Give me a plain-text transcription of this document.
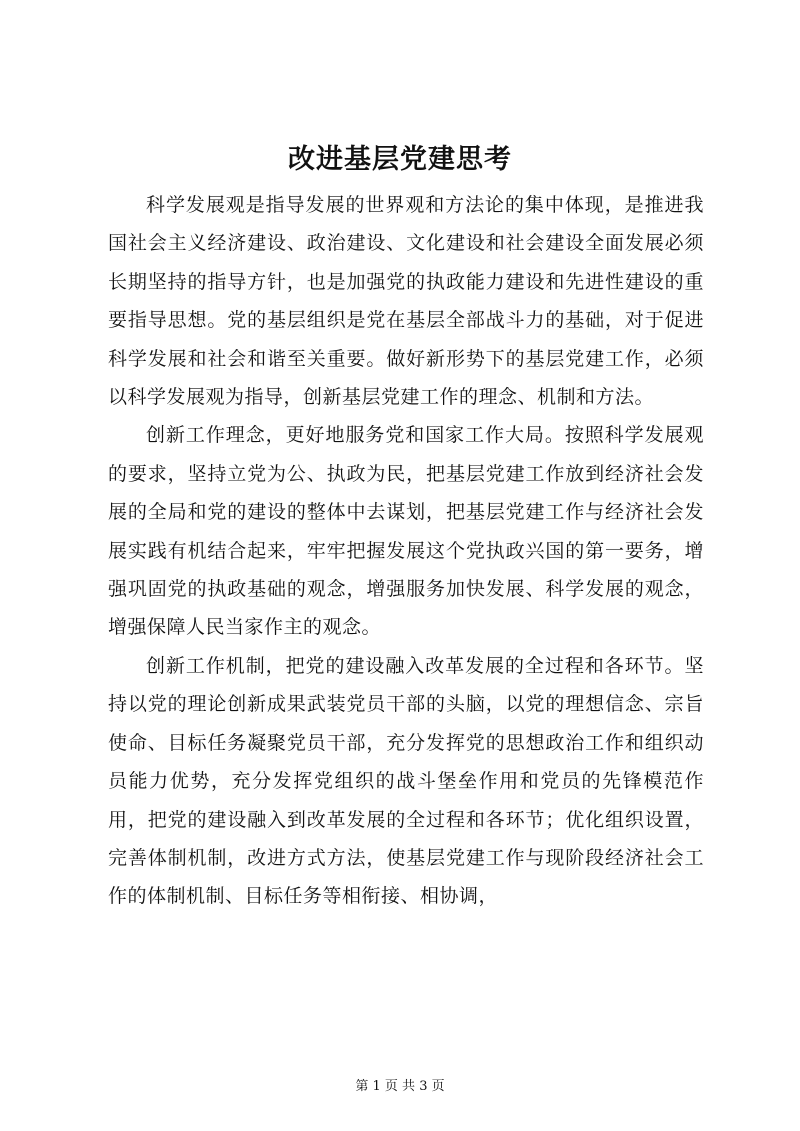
改进基层党建思考

科学发展观是指导发展的世界观和方法论的集中体现，是推进我国社会主义经济建设、政治建设、文化建设和社会建设全面发展必须长期坚持的指导方针，也是加强党的执政能力建设和先进性建设的重要指导思想。党的基层组织是党在基层全部战斗力的基础，对于促进科学发展和社会和谐至关重要。做好新形势下的基层党建工作，必须以科学发展观为指导，创新基层党建工作的理念、机制和方法。

创新工作理念，更好地服务党和国家工作大局。按照科学发展观的要求，坚持立党为公、执政为民，把基层党建工作放到经济社会发展的全局和党的建设的整体中去谋划，把基层党建工作与经济社会发展实践有机结合起来，牢牢把握发展这个党执政兴国的第一要务，增强巩固党的执政基础的观念，增强服务加快发展、科学发展的观念，增强保障人民当家作主的观念。

创新工作机制，把党的建设融入改革发展的全过程和各环节。坚持以党的理论创新成果武装党员干部的头脑，以党的理想信念、宗旨使命、目标任务凝聚党员干部，充分发挥党的思想政治工作和组织动员能力优势，充分发挥党组织的战斗堡垒作用和党员的先锋模范作用，把党的建设融入到改革发展的全过程和各环节；优化组织设置，完善体制机制，改进方式方法，使基层党建工作与现阶段经济社会工作的体制机制、目标任务等相衔接、相协调，

第 1 页 共 3 页
